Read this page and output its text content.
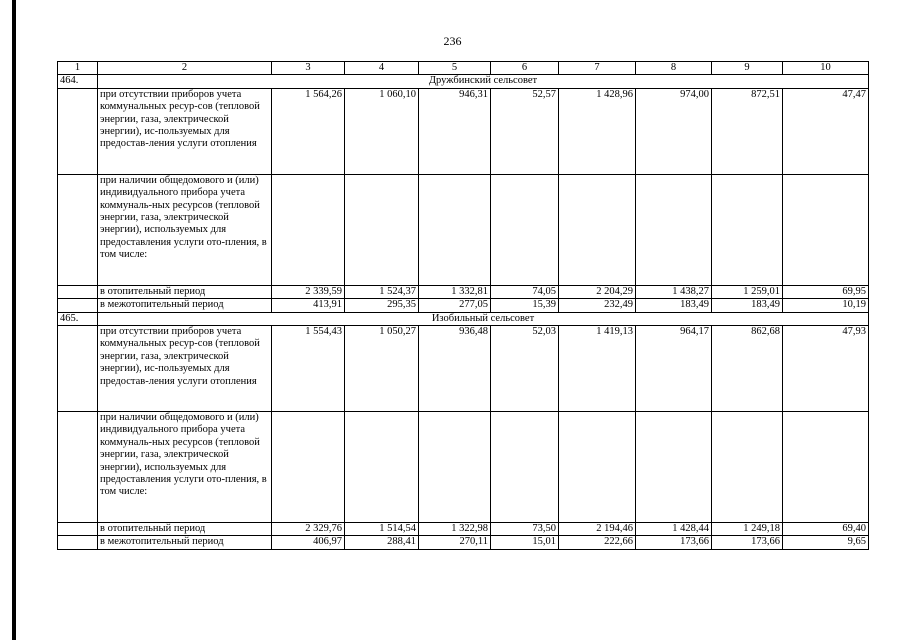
236
1	2	3	4	5	6	7	8	9	10
464.	Дружбинский сельсовет								
	при отсутствии приборов учета коммунальных ресур-сов (тепловой энергии, газа, электрической энергии), ис-пользуемых для предостав-ления услуги отопления	1 564,26	1 060,10	946,31	52,57	1 428,96	974,00	872,51	47,47
	при наличии общедомового и (или) индивидуального прибора учета коммуналь-ных ресурсов (тепловой энергии, газа, электрической энергии), используемых для предоставления услуги ото-пления, в том числе:								
	в отопительный период	2 339,59	1 524,37	1 332,81	74,05	2 204,29	1 438,27	1 259,01	69,95
	в межотопительный период	413,91	295,35	277,05	15,39	232,49	183,49	183,49	10,19
465.	Изобильный сельсовет								
	при отсутствии приборов учета коммунальных ресур-сов (тепловой энергии, газа, электрической энергии), ис-пользуемых для предостав-ления услуги отопления	1 554,43	1 050,27	936,48	52,03	1 419,13	964,17	862,68	47,93
	при наличии общедомового и (или) индивидуального прибора учета коммуналь-ных ресурсов (тепловой энергии, газа, электрической энергии), используемых для предоставления услуги ото-пления, в том числе:								
	в отопительный период	2 329,76	1 514,54	1 322,98	73,50	2 194,46	1 428,44	1 249,18	69,40
	в межотопительный период	406,97	288,41	270,11	15,01	222,66	173,66	173,66	9,65
